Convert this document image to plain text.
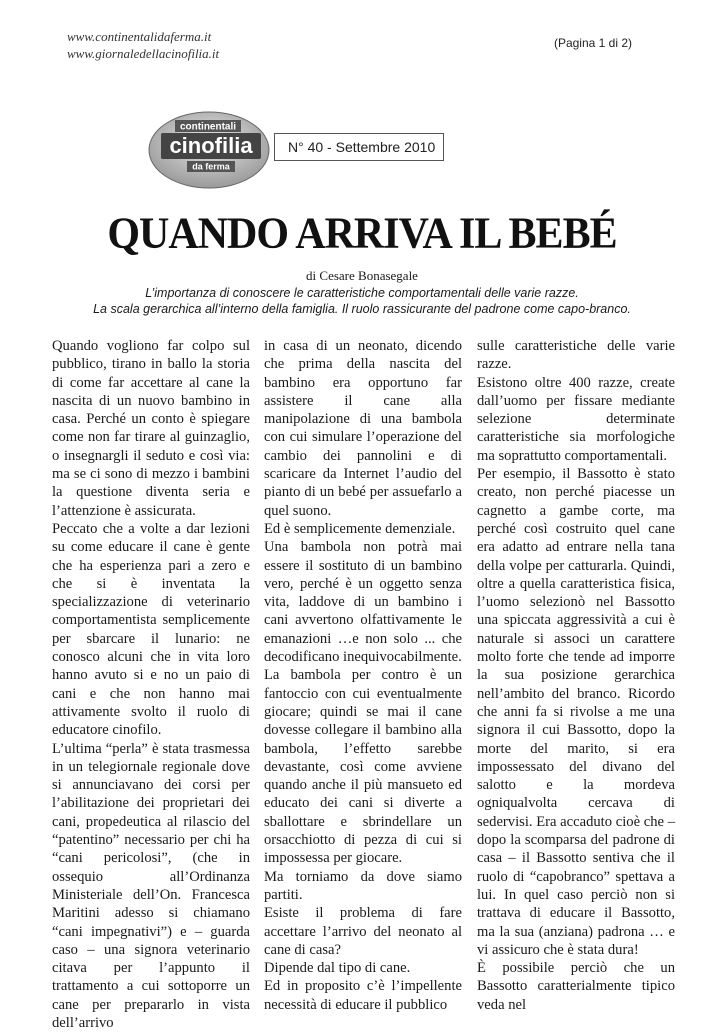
www.continentalidaferma.it
www.giornaledellacinofilia.it
(Pagina 1 di 2)
continentali
cinofilia
da ferma
N° 40 - Settembre 2010
QUANDO ARRIVA IL BEBÉ
di Cesare Bonasegale
L’importanza di conoscere le caratteristiche comportamentali delle varie razze.
La scala gerarchica all’interno della famiglia. Il ruolo rassicurante del padrone come capo-branco.

Quando vogliono far colpo sul pubblico, tirano in ballo la storia di come far accettare al cane la nascita di un nuovo bambino in casa. Perché un conto è spiegare come non far tirare al guinzaglio, o insegnargli il seduto e così via: ma se ci sono di mezzo i bambini la questione diventa seria e l’attenzione è assicurata.

Peccato che a volte a dar lezioni su come educare il cane è gente che ha esperienza pari a zero e che si è inventata la specializzazione di veterinario comportamentista semplicemente per sbarcare il lunario: ne conosco alcuni che in vita loro hanno avuto si e no un paio di cani e che non hanno mai attivamente svolto il ruolo di educatore cinofilo.

L’ultima “perla” è stata trasmessa in un telegiornale regionale dove si annunciavano dei corsi per l’abilitazione dei proprietari dei cani, propedeutica al rilascio del “patentino” necessario per chi ha “cani pericolosi”, (che in ossequio all’Ordinanza Ministeriale dell’On. Francesca Maritini adesso si chiamano “cani impegnativi”) e – guarda caso – una signora veterinario citava per l’appunto il trattamento a cui sottoporre un cane per prepararlo in vista dell’arrivo

in casa di un neonato, dicendo che prima della nascita del bambino era opportuno far assistere il cane alla manipolazione di una bambola con cui simulare l’operazione del cambio dei pannolini e di scaricare da Internet l’audio del pianto di un bebé per assuefarlo a quel suono.

Ed è semplicemente demenziale.

Una bambola non potrà mai essere il sostituto di un bambino vero, perché è un oggetto senza vita, laddove di un bambino i cani avvertono olfattivamente le emanazioni …e non solo ... che decodificano inequivocabilmente.

La bambola per contro è un fantoccio con cui eventualmente giocare; quindi se mai il cane dovesse collegare il bambino alla bambola, l’effetto sarebbe devastante, così come avviene quando anche il più mansueto ed educato dei cani si diverte a sballottare e sbrindellare un orsacchiotto di pezza di cui si impossessa per giocare.

Ma torniamo da dove siamo partiti.

Esiste il problema di fare accettare l’arrivo del neonato al cane di casa?

Dipende dal tipo di cane.

Ed in proposito c’è l’impellente necessità di educare il pubblico

sulle caratteristiche delle varie razze.

Esistono oltre 400 razze, create dall’uomo per fissare mediante selezione determinate caratteristiche sia morfologiche ma soprattutto comportamentali.

Per esempio, il Bassotto è stato creato, non perché piacesse un cagnetto a gambe corte, ma perché così costruito quel cane era adatto ad entrare nella tana della volpe per catturarla. Quindi, oltre a quella caratteristica fisica, l’uomo selezionò nel Bassotto una spiccata aggressività a cui è naturale si associ un carattere molto forte che tende ad imporre la sua posizione gerarchica nell’ambito del branco. Ricordo che anni fa si rivolse a me una signora il cui Bassotto, dopo la morte del marito, si era impossessato del divano del salotto e la mordeva ogniqualvolta cercava di sedervisi. Era accaduto cioè che – dopo la scomparsa del padrone di casa – il Bassotto sentiva che il ruolo di “capobranco” spettava a lui. In quel caso perciò non si trattava di educare il Bassotto, ma la sua (anziana) padrona … e vi assicuro che è stata dura!

È possibile perciò che un Bassotto caratterialmente tipico veda nel
